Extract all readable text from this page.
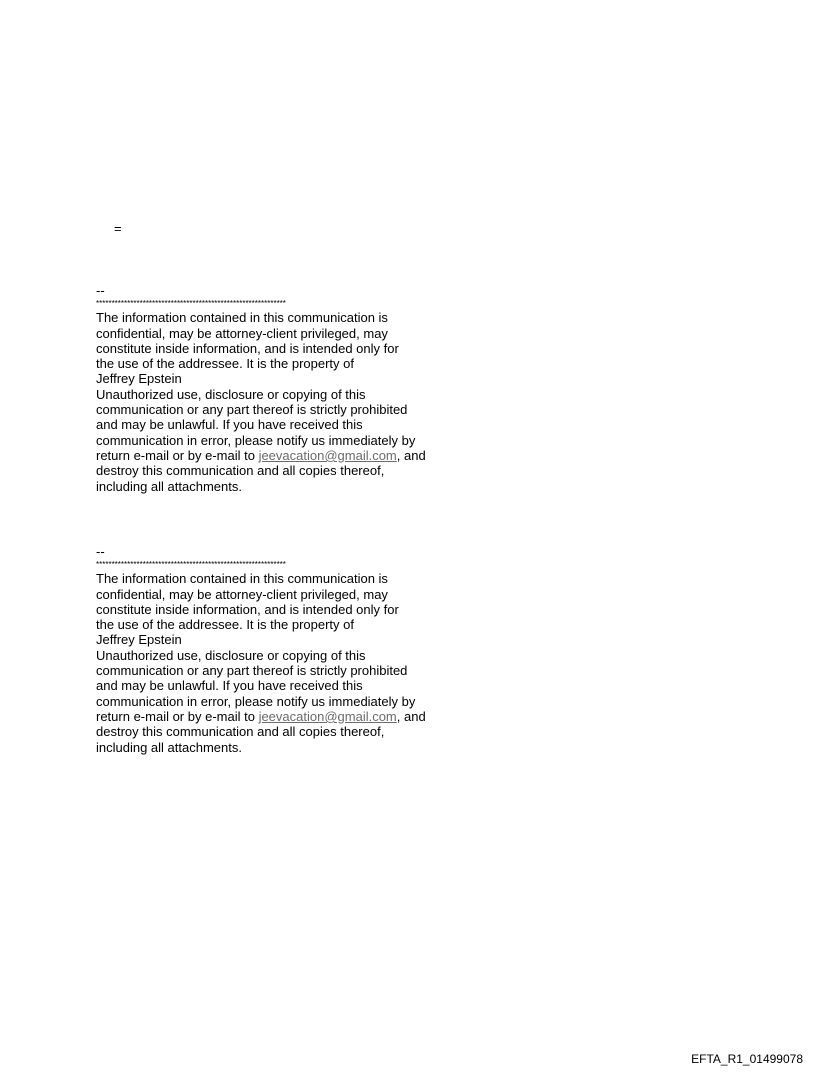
=
--
*************************************************************
The information contained in this communication is
confidential, may be attorney-client privileged, may
constitute inside information, and is intended only for
the use of the addressee. It is the property of
Jeffrey Epstein
Unauthorized use, disclosure or copying of this
communication or any part thereof is strictly prohibited
and may be unlawful. If you have received this
communication in error, please notify us immediately by
return e-mail or by e-mail to jeevacation@gmail.com, and
destroy this communication and all copies thereof,
including all attachments.
--
*************************************************************
The information contained in this communication is
confidential, may be attorney-client privileged, may
constitute inside information, and is intended only for
the use of the addressee. It is the property of
Jeffrey Epstein
Unauthorized use, disclosure or copying of this
communication or any part thereof is strictly prohibited
and may be unlawful. If you have received this
communication in error, please notify us immediately by
return e-mail or by e-mail to jeevacation@gmail.com, and
destroy this communication and all copies thereof,
including all attachments.
EFTA_R1_01499078
